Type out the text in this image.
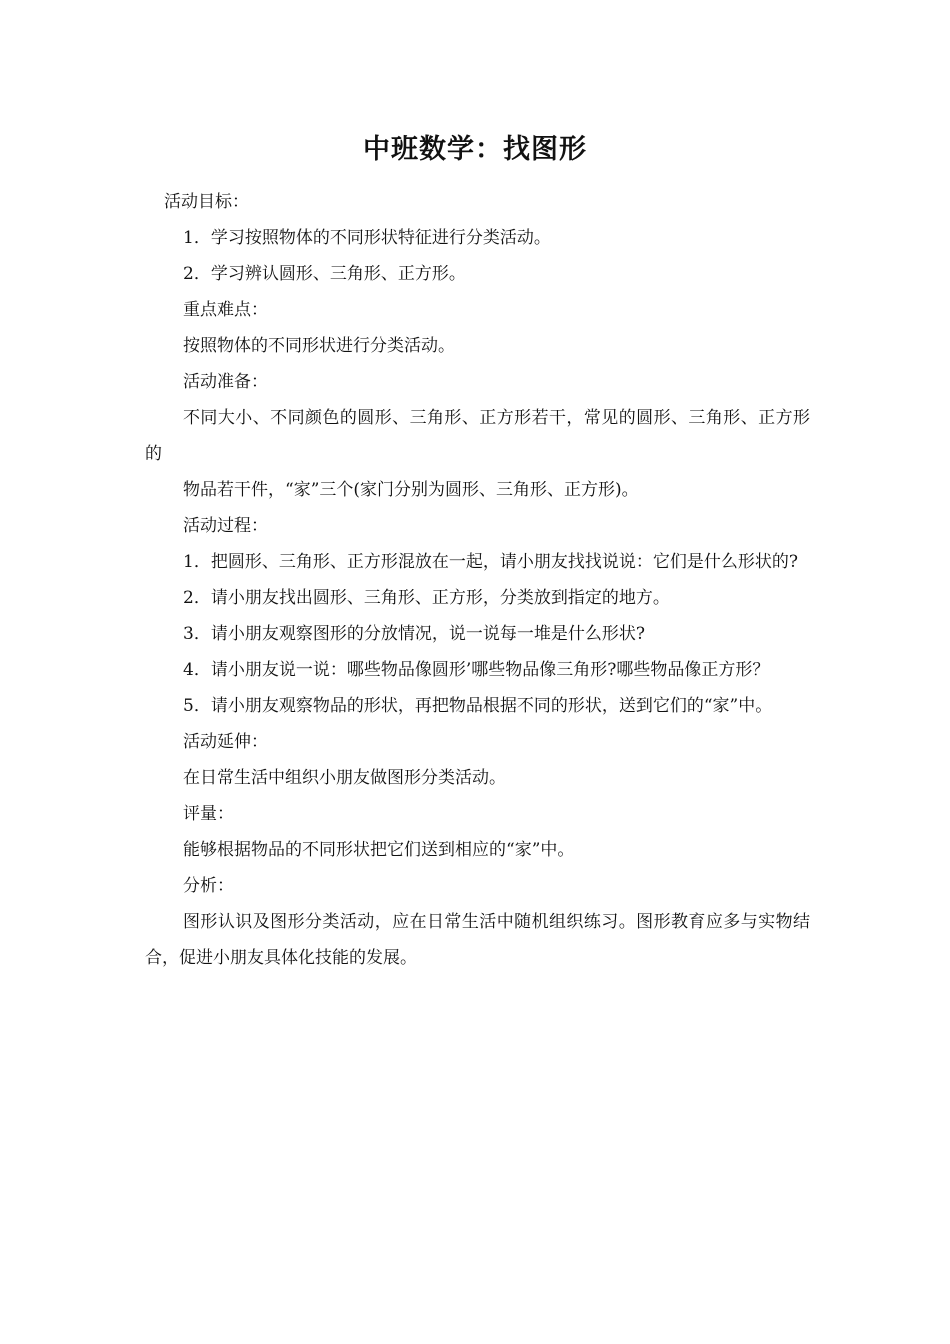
中班数学：找图形

活动目标：

1．学习按照物体的不同形状特征进行分类活动。

2．学习辨认圆形、三角形、正方形。

重点难点：

按照物体的不同形状进行分类活动。

活动准备：

不同大小、不同颜色的圆形、三角形、正方形若干，常见的圆形、三角形、正方形的

物品若干件，“家”三个(家门分别为圆形、三角形、正方形)。

活动过程：

1．把圆形、三角形、正方形混放在一起，请小朋友找找说说：它们是什么形状的?

2．请小朋友找出圆形、三角形、正方形，分类放到指定的地方。

3．请小朋友观察图形的分放情况，说一说每一堆是什么形状?

4．请小朋友说一说：哪些物品像圆形’哪些物品像三角形?哪些物品像正方形？

5．请小朋友观察物品的形状，再把物品根据不同的形状，送到它们的“家”中。

活动延伸：

在日常生活中组织小朋友做图形分类活动。

评量：

能够根据物品的不同形状把它们送到相应的“家”中。

分析：

图形认识及图形分类活动，应在日常生活中随机组织练习。图形教育应多与实物结合，促进小朋友具体化技能的发展。
